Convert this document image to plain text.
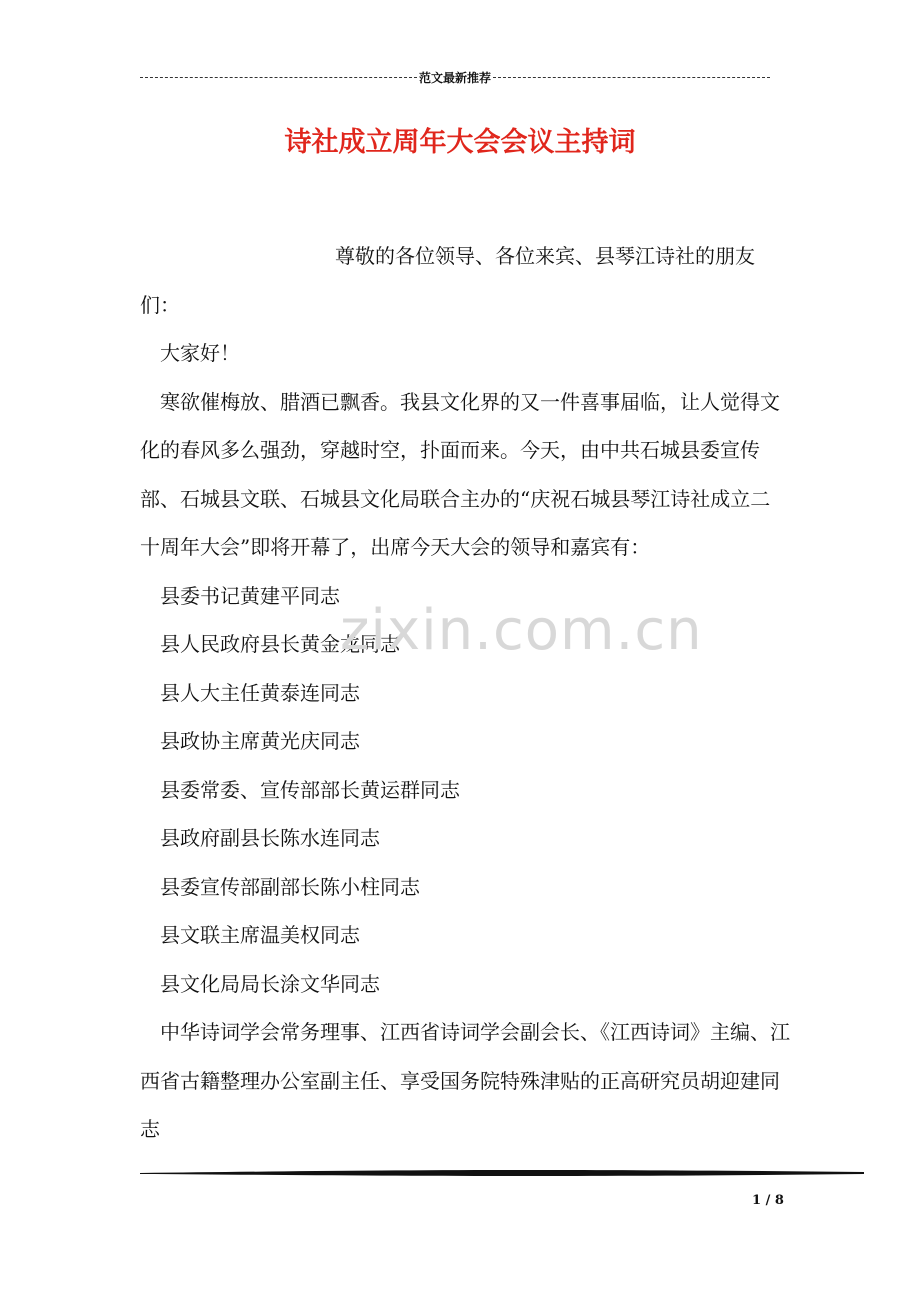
范文最新推荐
诗社成立周年大会会议主持词

尊敬的各位领导、各位来宾、县琴江诗社的朋友们：

大家好！

寒欲催梅放、腊酒已飘香。我县文化界的又一件喜事届临，让人觉得文化的春风多么强劲，穿越时空，扑面而来。今天，由中共石城县委宣传部、石城县文联、石城县文化局联合主办的“庆祝石城县琴江诗社成立二十周年大会”即将开幕了，出席今天大会的领导和嘉宾有：

县委书记黄建平同志

县人民政府县长黄金龙同志

县人大主任黄泰连同志

县政协主席黄光庆同志

县委常委、宣传部部长黄运群同志

县政府副县长陈水连同志

县委宣传部副部长陈小柱同志

县文联主席温美权同志

县文化局局长涂文华同志

中华诗词学会常务理事、江西省诗词学会副会长、《江西诗词》主编、江西省古籍整理办公室副主任、享受国务院特殊津贴的正高研究员胡迎建同志

zixin.com.cn
1 / 8
